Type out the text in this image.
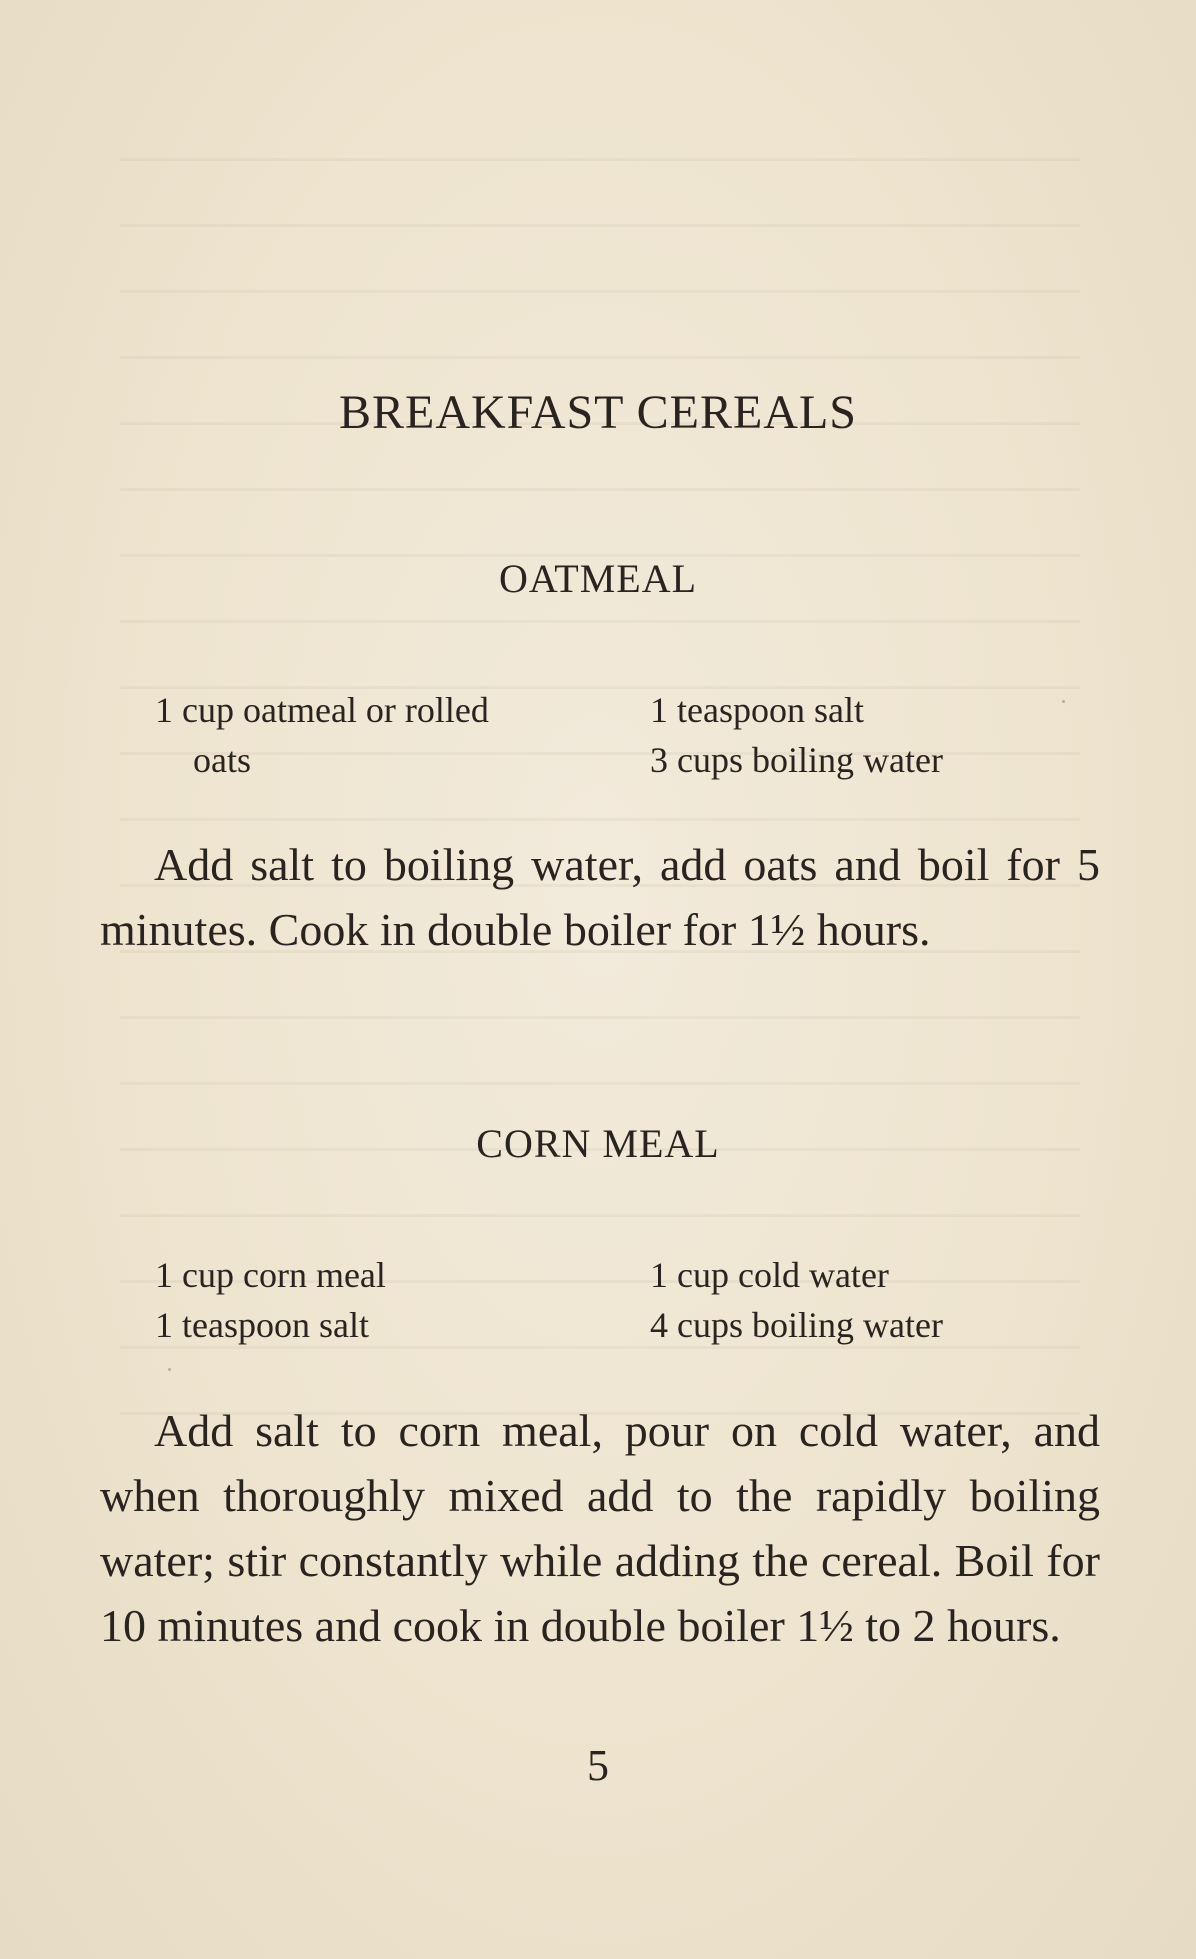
BREAKFAST CEREALS
OATMEAL
1 cup oatmeal or rolled
oats
1 teaspoon salt
3 cups boiling water

Add salt to boiling water, add oats and boil for 5 minutes. Cook in double boiler for 1½ hours.

CORN MEAL
1 cup corn meal
1 teaspoon salt
1 cup cold water
4 cups boiling water

Add salt to corn meal, pour on cold water, and when thoroughly mixed add to the rapidly boiling water; stir constantly while adding the cereal. Boil for 10 minutes and cook in double boiler 1½ to 2 hours.

5
